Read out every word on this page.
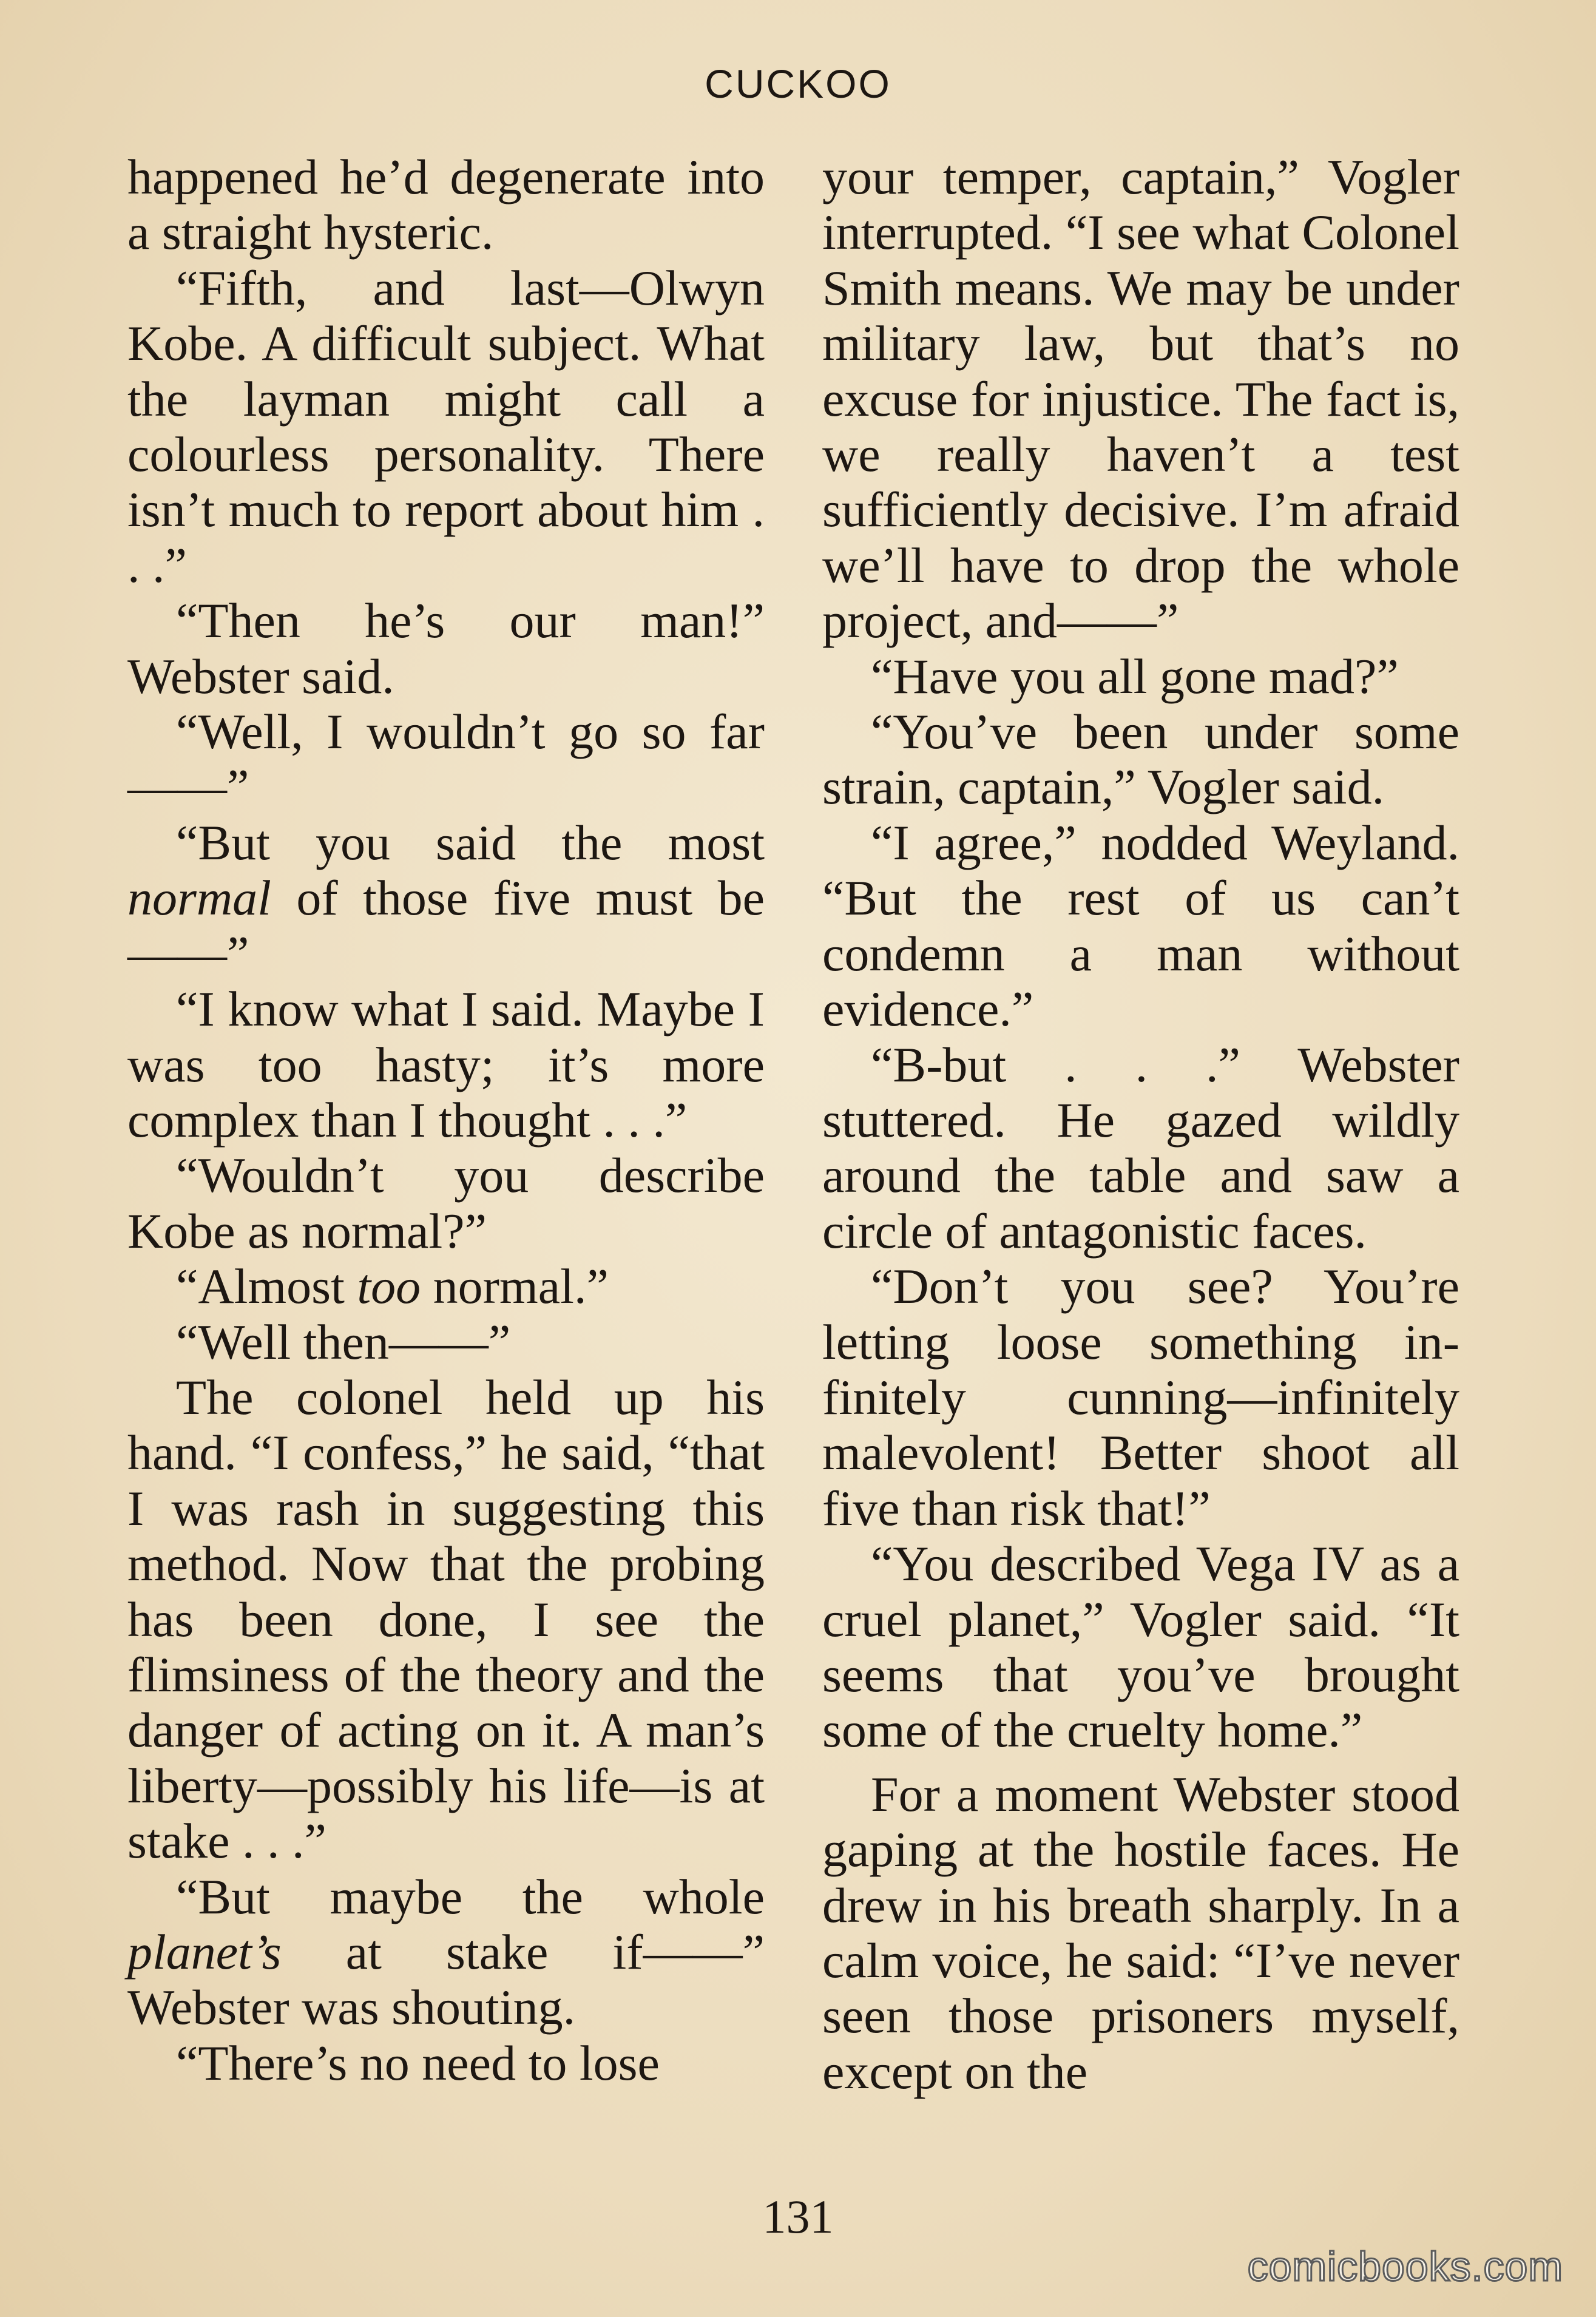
CUCKOO

happened he’d degenerate into a straight hysteric.

“Fifth, and last—Olwyn Kobe. A difficult subject. What the layman might call a colourless personality. There isn’t much to report about him . . .”

“Then he’s our man!” Webster said.

“Well, I wouldn’t go so far——”

“But you said the most normal of those five must be——”

“I know what I said. Maybe I was too hasty; it’s more complex than I thought . . .”

“Wouldn’t you describe Kobe as normal?”

“Almost too normal.”

“Well then——”

The colonel held up his hand. “I confess,” he said, “that I was rash in suggesting this method. Now that the probing has been done, I see the flimsiness of the theory and the danger of acting on it. A man’s liberty—possibly his life—is at stake . . .”

“But maybe the whole planet’s at stake if——” Webster was shouting.

“There’s no need to lose

your temper, captain,” Vogler interrupted. “I see what Colonel Smith means. We may be under military law, but that’s no excuse for injustice. The fact is, we really haven’t a test sufficiently decisive. I’m afraid we’ll have to drop the whole project, and——”

“Have you all gone mad?”

“You’ve been under some strain, captain,” Vogler said.

“I agree,” nodded Weyland. “But the rest of us can’t condemn a man without evidence.”

“B-but . . .” Webster stuttered. He gazed wildly around the table and saw a circle of antagonistic faces.

“Don’t you see? You’re letting loose something infinitely cunning—infinitely malevolent! Better shoot all five than risk that!”

“You described Vega IV as a cruel planet,” Vogler said. “It seems that you’ve brought some of the cruelty home.”

For a moment Webster stood gaping at the hostile faces. He drew in his breath sharply. In a calm voice, he said: “I’ve never seen those prisoners myself, except on the

131

comicbooks.com
